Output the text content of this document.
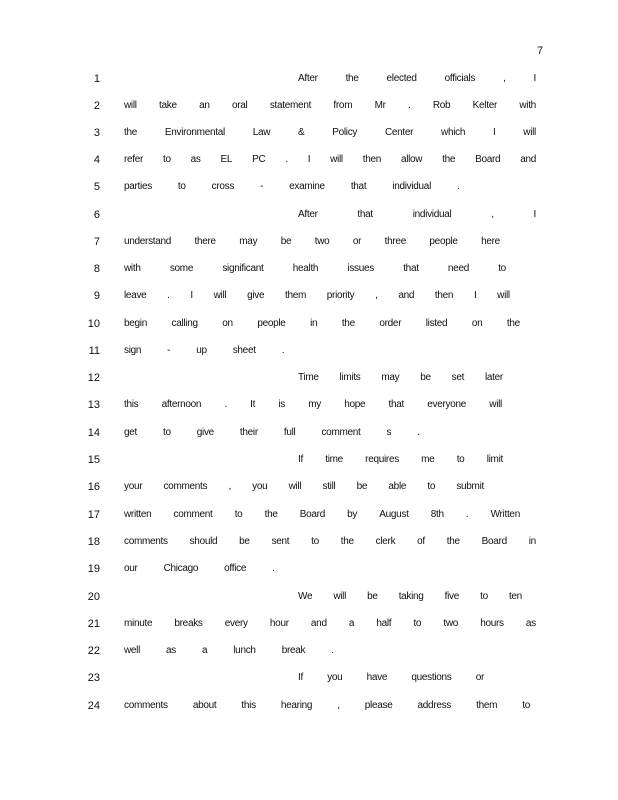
7
1	After	the	elected	officials	,	I
2 will take an oral statement from Mr . Rob Kelter with
3 the	Environmental	Law	&	Policy	Center	which	I	will
4 refer to as EL PC . I will then allow the Board and
5 parties	to	cross	-	examine	that	individual	.
6	After	that	individual	,	I
7 understand there may be two or three people here
8 with	some	significant	health	issues	that	need	to
9 leave . I will give them priority , and then I will
10 begin calling on people in the order listed on the
11 sign	-	up	sheet	.
12	Time limits may be set later
13 this afternoon . It is my hope that everyone will
14 get	to	give	their	full	comment	s	.
15	If time requires me to limit
16 your comments , you will still be able to submit
17 written comment to the Board by August 8th . Written
18 comments should be sent to the clerk of the Board in
19 our	Chicago	office	.
20	We will be taking five to ten
21 minute breaks every hour and a half to two hours as
22 well	as	a	lunch	break	.
23	If you have questions or
24 comments	about	this	hearing	,	please	address	them	to
